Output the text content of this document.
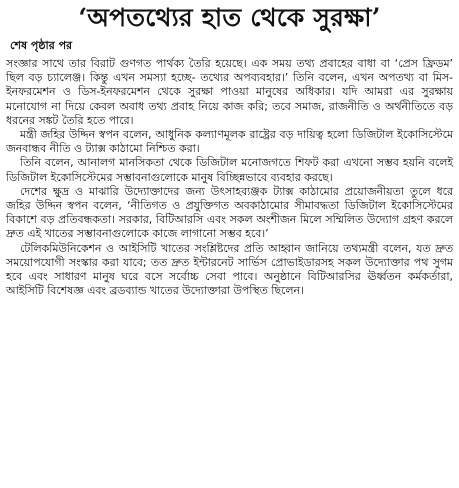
‘অপতথ্যের হাত থেকে সুরক্ষা’
শেষ পৃষ্ঠার পর

সংজ্ঞার সাথে তার বিরাট গুণগত পার্থক্য তৈরি হয়েছে। এক সময় তথ্য প্রবাহের বাধা বা ‘প্রেস ফ্রিডম’ ছিল বড় চ্যালেঞ্জ। কিন্তু এখন সমস্যা হচ্ছে- তথ্যের অপব্যবহার।’ তিনি বলেন, এখন অপতথ্য বা মিস-ইনফরমেশন ও ডিস-ইনফরমেশন থেকে সুরক্ষা পাওয়া মানুষের অধিকার। যদি আমরা এর সুরক্ষায় মনোযোগ না দিয়ে কেবল অবাধ তথ্য প্রবাহ নিয়ে কাজ করি; তবে সমাজ, রাজনীতি ও অর্থনীতিতে বড় ধরনের সঙ্কট তৈরি হতে পারে।

মন্ত্রী জহির উদ্দিন স্বপন বলেন, আধুনিক কল্যাণমূলক রাষ্ট্রের বড় দায়িত্ব হলো ডিজিটাল ইকোসিস্টেমে জনবান্ধব নীতি ও ট্যাক্স কাঠামো নিশ্চিত করা।

তিনি বলেন, আনালগ মানসিকতা থেকে ডিজিটাল মনোজগতে শিফট করা এখনো সম্ভব হয়নি বলেই ডিজিটাল ইকোসিস্টেমের সম্ভাবনাগুলোকে মানুষ বিচ্ছিন্নভাবে ব্যবহার করছে।

দেশের ক্ষুদ্র ও মাঝারি উদ্যোক্তাদের জন্য উৎসাহব্যঞ্জক ট্যাক্স কাঠামোর প্রয়োজনীয়তা তুলে ধরে জহির উদ্দিন স্বপন বলেন, ‘নীতিগত ও প্রযুক্তিগত অবকাঠামোর সীমাবদ্ধতা ডিজিটাল ইকোসিস্টেমের বিকাশে বড় প্রতিবন্ধকতা। সরকার, বিটিআরসি এবং সকল অংশীজন মিলে সম্মিলিত উদ্যোগ গ্রহণ করলে দ্রুত এই খাতের সম্ভাবনাগুলোকে কাজে লাগানো সম্ভব হবে।’

টেলিকমিউনিকেশন ও আইসিটি খাতের সংশ্লিষ্টদের প্রতি আহ্বান জানিয়ে তথ্যমন্ত্রী বলেন, যত দ্রুত সময়োপযোগী সংস্কার করা যাবে; তত দ্রুত ইন্টারনেট সার্ভিস প্রোভাইডারসহ সকল উদ্যোক্তার পথ সুগম হবে এবং সাধারণ মানুষ ঘরে বসে সর্বোচ্চ সেবা পাবে। অনুষ্ঠানে বিটিআরসির ঊর্ধ্বতন কর্মকর্তারা, আইসিটি বিশেষজ্ঞ এবং ব্রডব্যান্ড খাতের উদ্যোক্তারা উপস্থিত ছিলেন।
